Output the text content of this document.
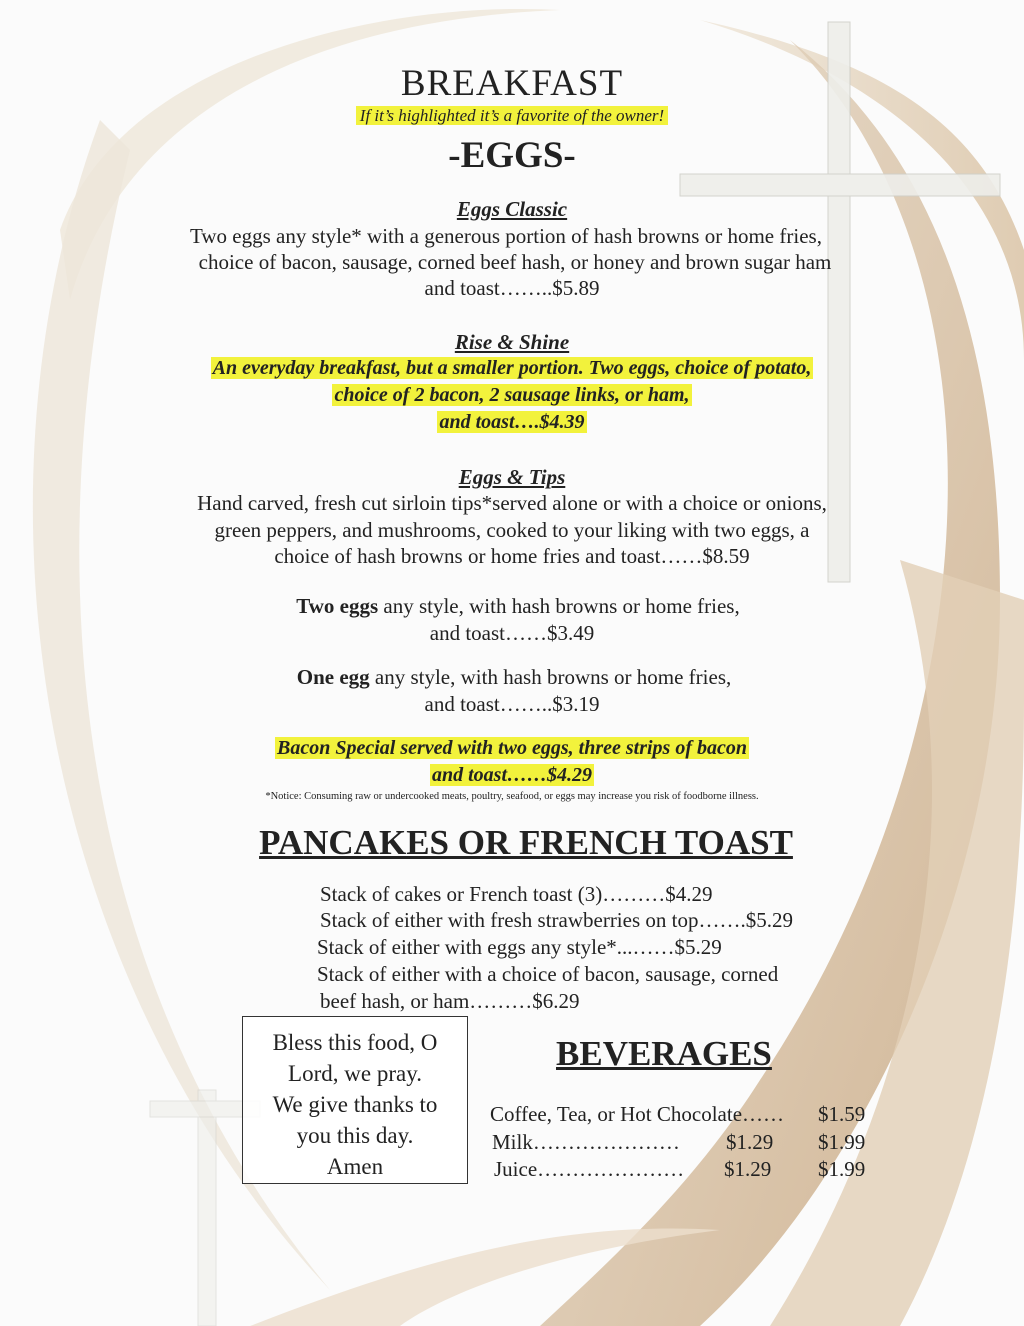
BREAKFAST
If it’s highlighted it’s a favorite of the owner!
-EGGS-
Eggs Classic
Two eggs any style* with a generous portion of hash browns or home fries,
choice of bacon, sausage, corned beef hash, or honey and brown sugar ham
and toast……..$5.89
Rise & Shine
An everyday breakfast, but a smaller portion. Two eggs, choice of potato,
choice of 2 bacon, 2 sausage links, or ham,
and toast….$4.39
Eggs & Tips
Hand carved, fresh cut sirloin tips*served alone or with a choice or onions,
green peppers, and mushrooms, cooked to your liking with two eggs, a
choice of hash browns or home fries and toast……$8.59
Two eggs any style, with hash browns or home fries,
and toast……$3.49
One egg any style, with hash browns or home fries,
and toast……..$3.19
Bacon Special served with two eggs, three strips of bacon
and toast……$4.29
*Notice: Consuming raw or undercooked meats, poultry, seafood, or eggs may increase you risk of foodborne illness.
PANCAKES OR FRENCH TOAST
Stack of cakes or French toast (3)………$4.29
Stack of either with fresh strawberries on top…….$5.29
Stack of either with eggs any style*...……$5.29
Stack of either with a choice of bacon, sausage, corned
beef hash, or ham………$6.29
Bless this food, O
Lord, we pray.
We give thanks to
you this day.
Amen
BEVERAGES
Coffee, Tea, or Hot Chocolate…… $1.59
Milk………………… $1.29 $1.99
Juice………………… $1.29 $1.99
